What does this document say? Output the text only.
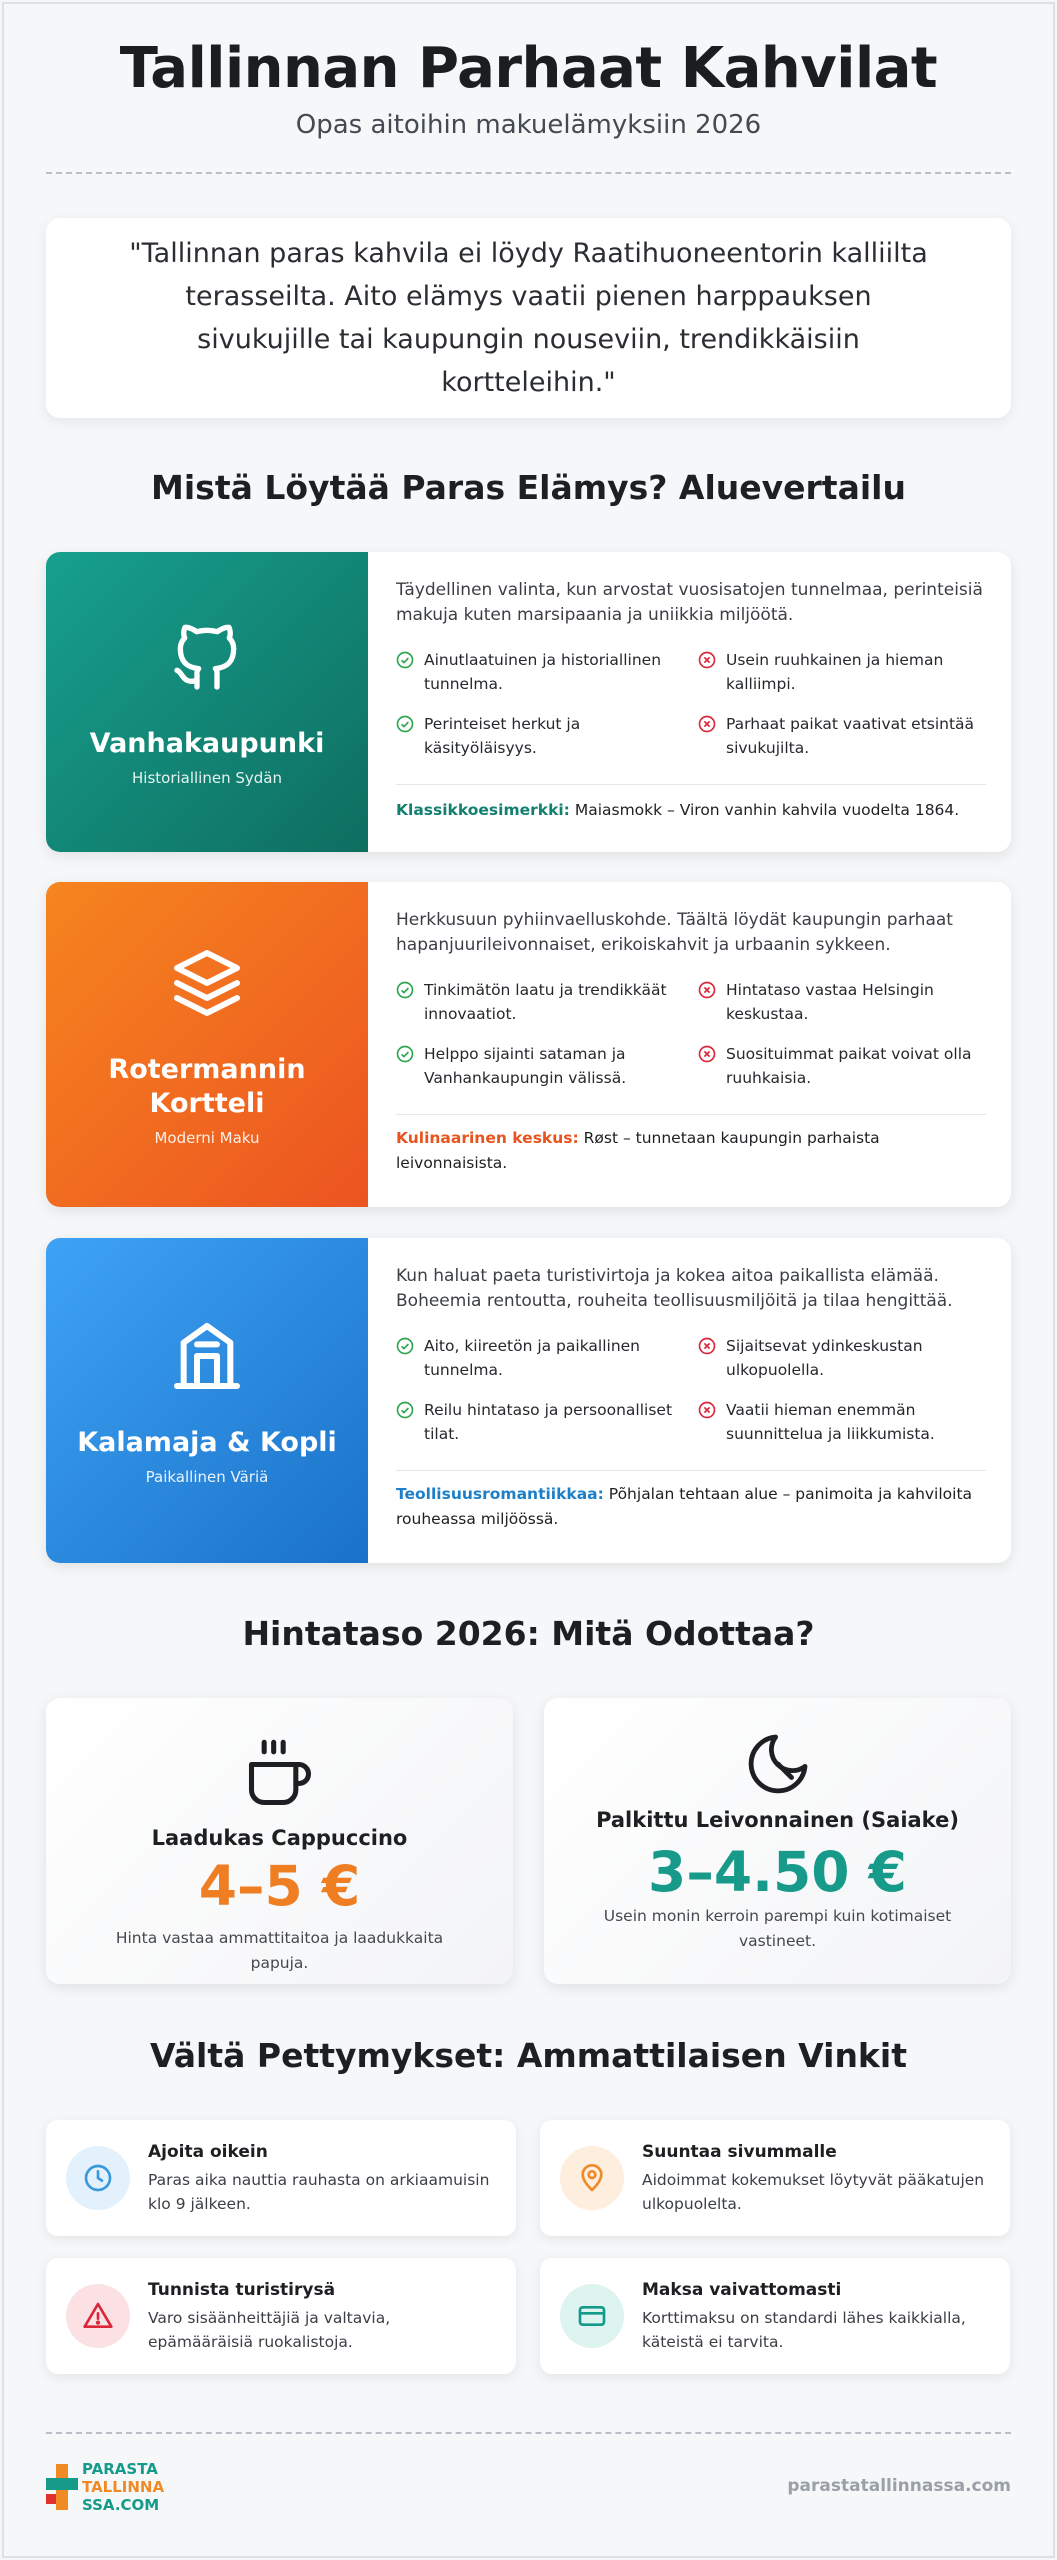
Tallinnan Parhaat Kahvilat
Opas aitoihin makuelämyksiin 2026
"Tallinnan paras kahvila ei löydy Raatihuoneentorin kalliilta terasseilta. Aito elämys vaatii pienen harppauksen sivukujille tai kaupungin nouseviin, trendikkäisiin kortteleihin."
Mistä Löytää Paras Elämys? Aluevertailu
Vanhakaupunki
Historiallinen Sydän
Täydellinen valinta, kun arvostat vuosisatojen tunnelmaa, perinteisiä makuja kuten marsipaania ja uniikkia miljöötä.
Ainutlaatuinen ja historiallinen tunnelma.
Perinteiset herkut ja käsityöläisyys.
Usein ruuhkainen ja hieman kalliimpi.
Parhaat paikat vaativat etsintää sivukujilta.
Klassikkoesimerkki: Maiasmokk – Viron vanhin kahvila vuodelta 1864.
Rotermannin Kortteli
Moderni Maku
Herkkusuun pyhiinvaelluskohde. Täältä löydät kaupungin parhaat hapanjuurileivonnaiset, erikoiskahvit ja urbaanin sykkeen.
Tinkimätön laatu ja trendikkäät innovaatiot.
Helppo sijainti sataman ja Vanhankaupungin välissä.
Hintataso vastaa Helsingin keskustaa.
Suosituimmat paikat voivat olla ruuhkaisia.
Kulinaarinen keskus: Røst – tunnetaan kaupungin parhaista leivonnaisista.
Kalamaja & Kopli
Paikallinen Väriä
Kun haluat paeta turistivirtoja ja kokea aitoa paikallista elämää. Boheemia rentoutta, rouheita teollisuusmiljöitä ja tilaa hengittää.
Aito, kiireetön ja paikallinen tunnelma.
Reilu hintataso ja persoonalliset tilat.
Sijaitsevat ydinkeskustan ulkopuolella.
Vaatii hieman enemmän suunnittelua ja liikkumista.
Teollisuusromantiikkaa: Põhjalan tehtaan alue – panimoita ja kahviloita rouheassa miljöössä.
Hintataso 2026: Mitä Odottaa?
Laadukas Cappuccino
4–5 €
Hinta vastaa ammattitaitoa ja laadukkaita papuja.
Palkittu Leivonnainen (Saiake)
3–4.50 €
Usein monin kerroin parempi kuin kotimaiset vastineet.
Vältä Pettymykset: Ammattilaisen Vinkit
Ajoita oikein
Paras aika nauttia rauhasta on arkiaamuisin klo 9 jälkeen.
Suuntaa sivummalle
Aidoimmat kokemukset löytyvät pääkatujen ulkopuolelta.
Tunnista turistirysä
Varo sisäänheittäjiä ja valtavia, epämääräisiä ruokalistoja.
Maksa vaivattomasti
Korttimaksu on standardi lähes kaikkialla, käteistä ei tarvita.
PARASTA
TALLINNA
SSA.COM
parastatallinnassa.com
